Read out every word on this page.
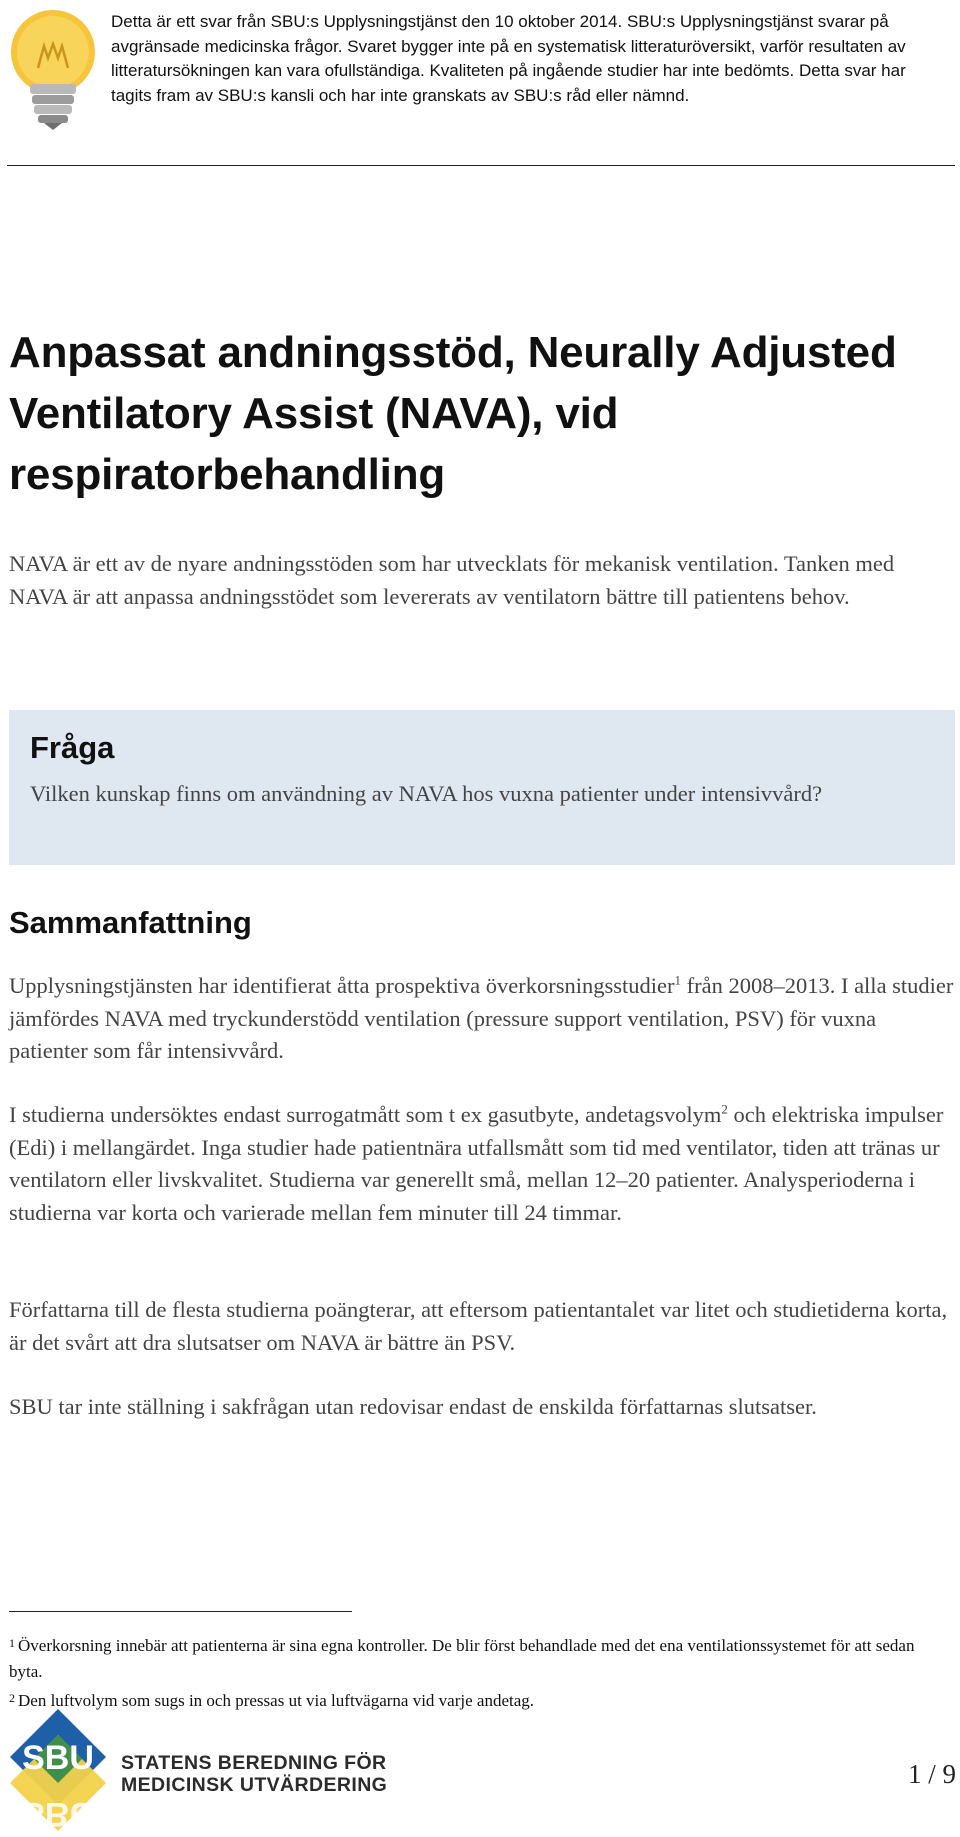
Detta är ett svar från SBU:s Upplysningstjänst den 10 oktober 2014. SBU:s Upplysningstjänst svarar på avgränsade medicinska frågor. Svaret bygger inte på en systematisk litteraturöversikt, varför resultaten av litteratursökningen kan vara ofullständiga. Kvaliteten på ingående studier har inte bedömts. Detta svar har tagits fram av SBU:s kansli och har inte granskats av SBU:s råd eller nämnd.
Anpassat andningsstöd, Neurally Adjusted Ventilatory Assist (NAVA), vid respiratorbehandling

NAVA är ett av de nyare andningsstöden som har utvecklats för mekanisk ventilation. Tanken med NAVA är att anpassa andningsstödet som levererats av ventilatorn bättre till patientens behov.

Fråga

Vilken kunskap finns om användning av NAVA hos vuxna patienter under intensivvård?

Sammanfattning

Upplysningstjänsten har identifierat åtta prospektiva överkorsningsstudier$^1$ från 2008–2013. I alla studier jämfördes NAVA med tryckunderstödd ventilation (pressure support ventilation, PSV) för vuxna patienter som får intensivvård.

I studierna undersöktes endast surrogatmått som t ex gasutbyte, andetagsvolym$^2$ och elektriska impulser (Edi) i mellangärdet. Inga studier hade patientnära utfallsmått som tid med ventilator, tiden att tränas ur ventilatorn eller livskvalitet. Studierna var generellt små, mellan 12–20 patienter. Analysperioderna i studierna var korta och varierade mellan fem minuter till 24 timmar.

Författarna till de flesta studierna poängterar, att eftersom patientantalet var litet och studietiderna korta, är det svårt att dra slutsatser om NAVA är bättre än PSV.

SBU tar inte ställning i sakfrågan utan redovisar endast de enskilda författarnas slutsatser.

$^1$ Överkorsning innebär att patienterna är sina egna kontroller. De blir först behandlade med det ena ventilationssystemet för att sedan byta.

$^2$ Den luftvolym som sugs in och pressas ut via luftvägarna vid varje andetag.

SBU
SBU
STATENS BEREDNING FÖR
MEDICINSK UTVÄRDERING	1 / 9
